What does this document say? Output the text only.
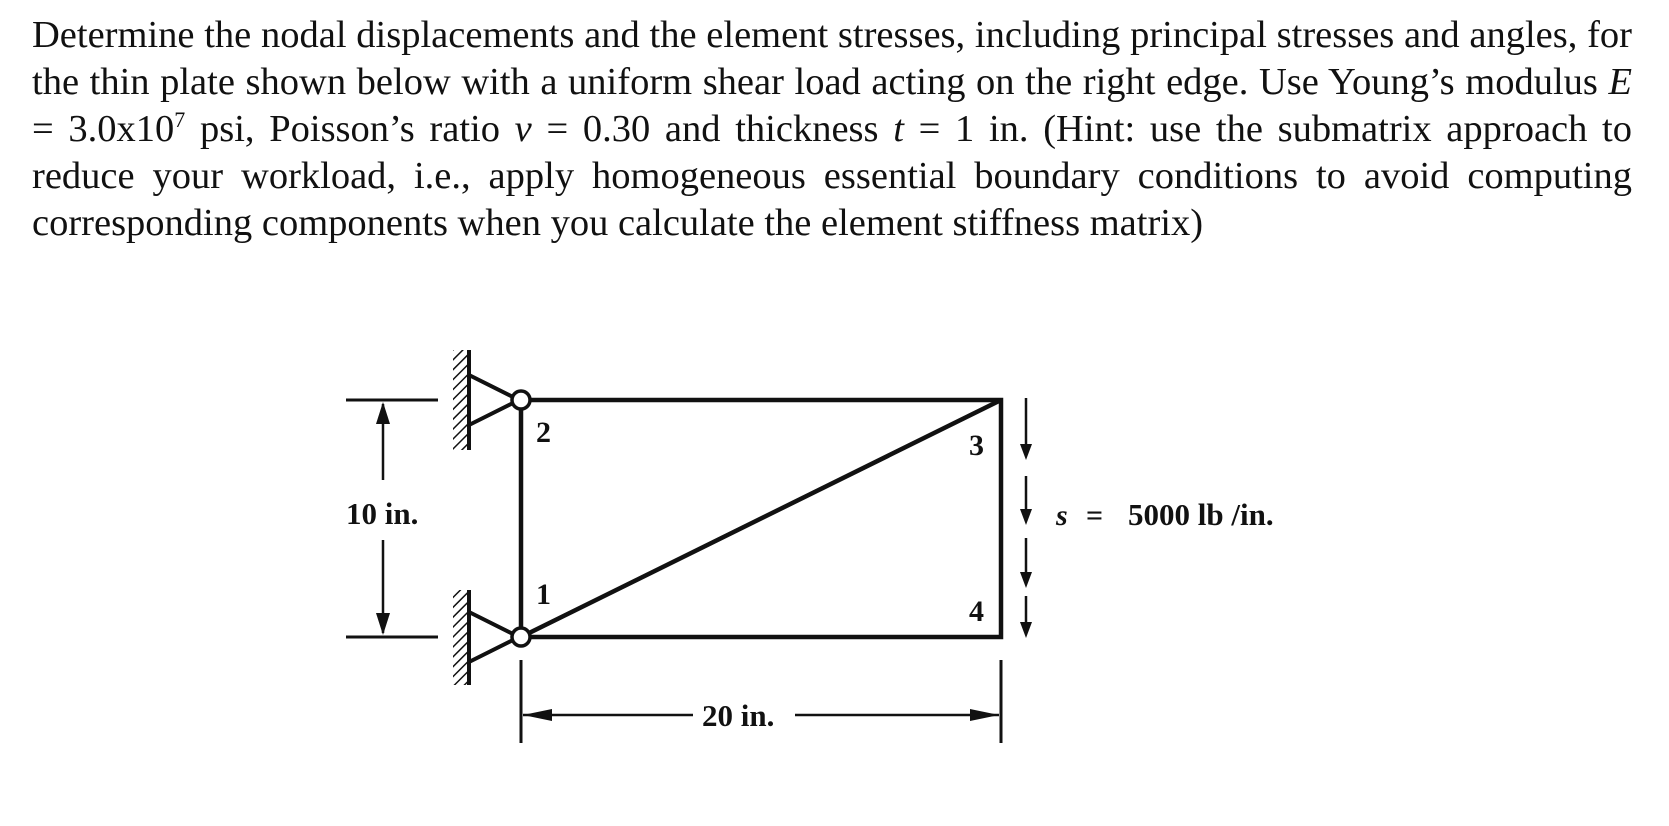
Determine the nodal displacements and the element stresses, including principal stresses and angles, for the thin plate shown below with a uniform shear load acting on the right edge. Use Young’s modulus $E = 3.0x10^7$ psi, Poisson’s ratio ν = 0.30 and thickness t = 1 in. (Hint: use the submatrix approach to reduce your workload, i.e., apply homogeneous essential boundary conditions to avoid computing corresponding components when you calculate the element stiffness matrix)
2
1
3
4
10 in.
20 in.
s = 5000 lb /in.
